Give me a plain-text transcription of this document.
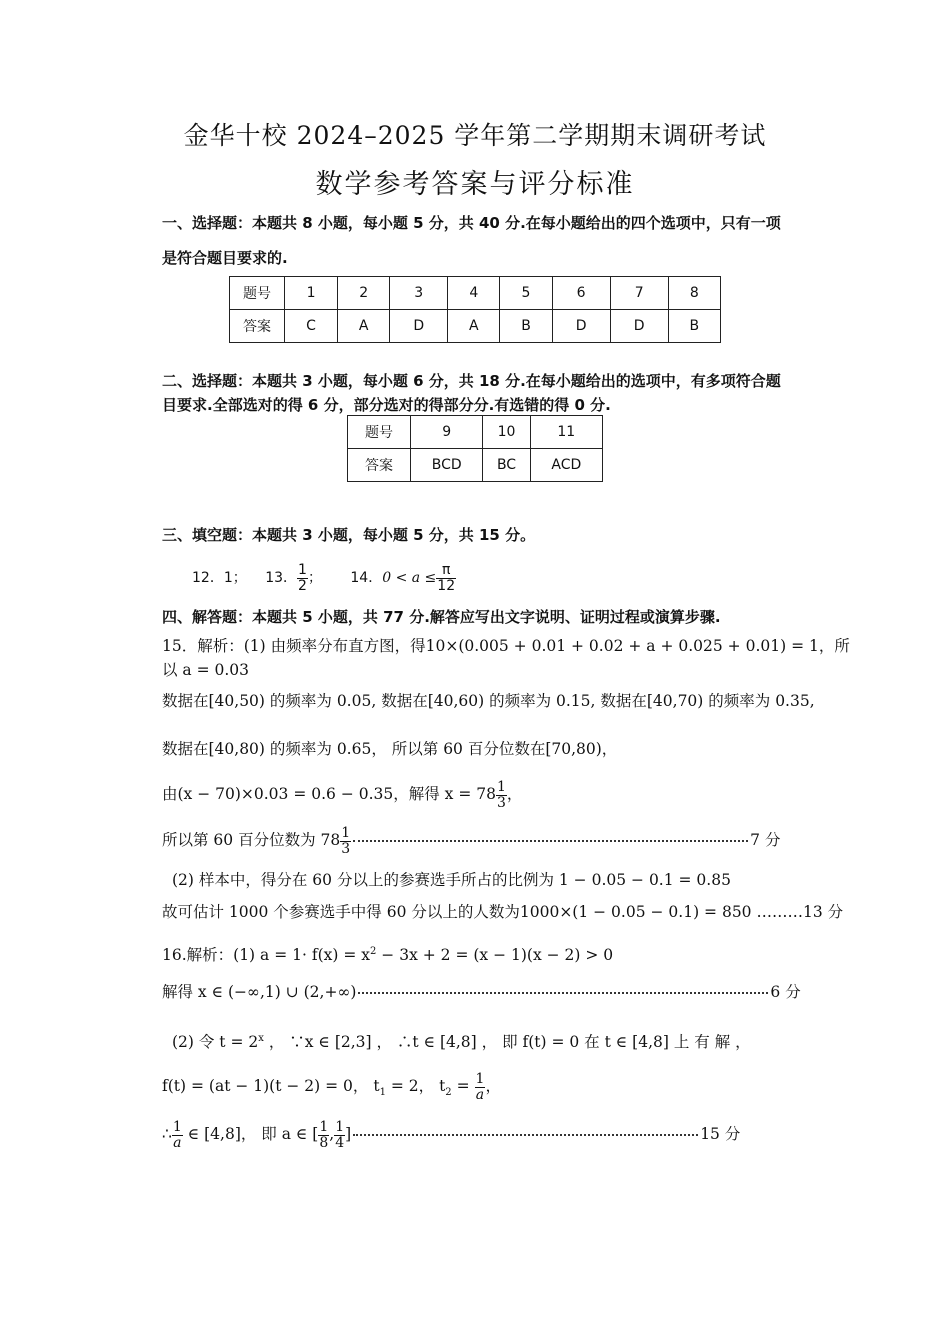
金华十校 2024–2025 学年第二学期期末调研考试
数学参考答案与评分标准
一、选择题：本题共 8 小题，每小题 5 分，共 40 分.在每小题给出的四个选项中，只有一项
是符合题目要求的.
题号	1	2	3	4	5	6	7	8
答案	C	A	D	A	B	D	D	B
二、选择题：本题共 3 小题，每小题 6 分，共 18 分.在每小题给出的选项中，有多项符合题
目要求.全部选对的得 6 分，部分选对的得部分分.有选错的得 0 分.
题号	9	10	11
答案	BCD	BC	ACD
三、填空题：本题共 3 小题，每小题 5 分，共 15 分。
12．1； 13． $\frac{1}{2}$ ； 14．$0 < a \le \frac{\pi}{12}$
四、解答题：本题共 5 小题，共 77 分.解答应写出文字说明、证明过程或演算步骤.
15．解析：(1) 由频率分布直方图，得10×(0.005 + 0.01 + 0.02 + a + 0.025 + 0.01) = 1，所
以 a = 0.03
数据在[40,50) 的频率为 0.05, 数据在[40,60) 的频率为 0.15, 数据在[40,70) 的频率为 0.35,
数据在[40,80) 的频率为 0.65， 所以第 60 百分位数在[70,80)，
由(x − 70)×0.03 = 0.6 − 0.35，解得 $x = 78 \frac{1}{3}$ ，
所以第 60 百分位数为 $78 \frac{1}{3}$	7 分
(2) 样本中，得分在 60 分以上的参赛选手所占的比例为 1 − 0.05 − 0.1 = 0.85
故可估计 1000 个参赛选手中得 60 分以上的人数为1000×(1 − 0.05 − 0.1) = 850 ………13 分
16.解析：(1) $a = 1\cdot f(x) = x^2 - 3x + 2 = (x - 1)(x - 2) > 0$
解得 x ∈ (−∞,1) ∪ (2,+∞)	6 分
(2) 令 $t = 2^x$ ， ∵x ∈ [2,3] ， ∴t ∈ [4,8] ， 即 f(t) = 0 在 t ∈ [4,8] 上 有 解 ，
f(t) = (at − 1)(t − 2) = 0， $t_1 = 2$， $t_2 = \frac{1}{a}$ ，
∴ $\frac{1}{a}$ ∈ [4,8]， 即 a ∈ [ $\frac{1}{8}$ , $\frac{1}{4}$ ]	15 分
